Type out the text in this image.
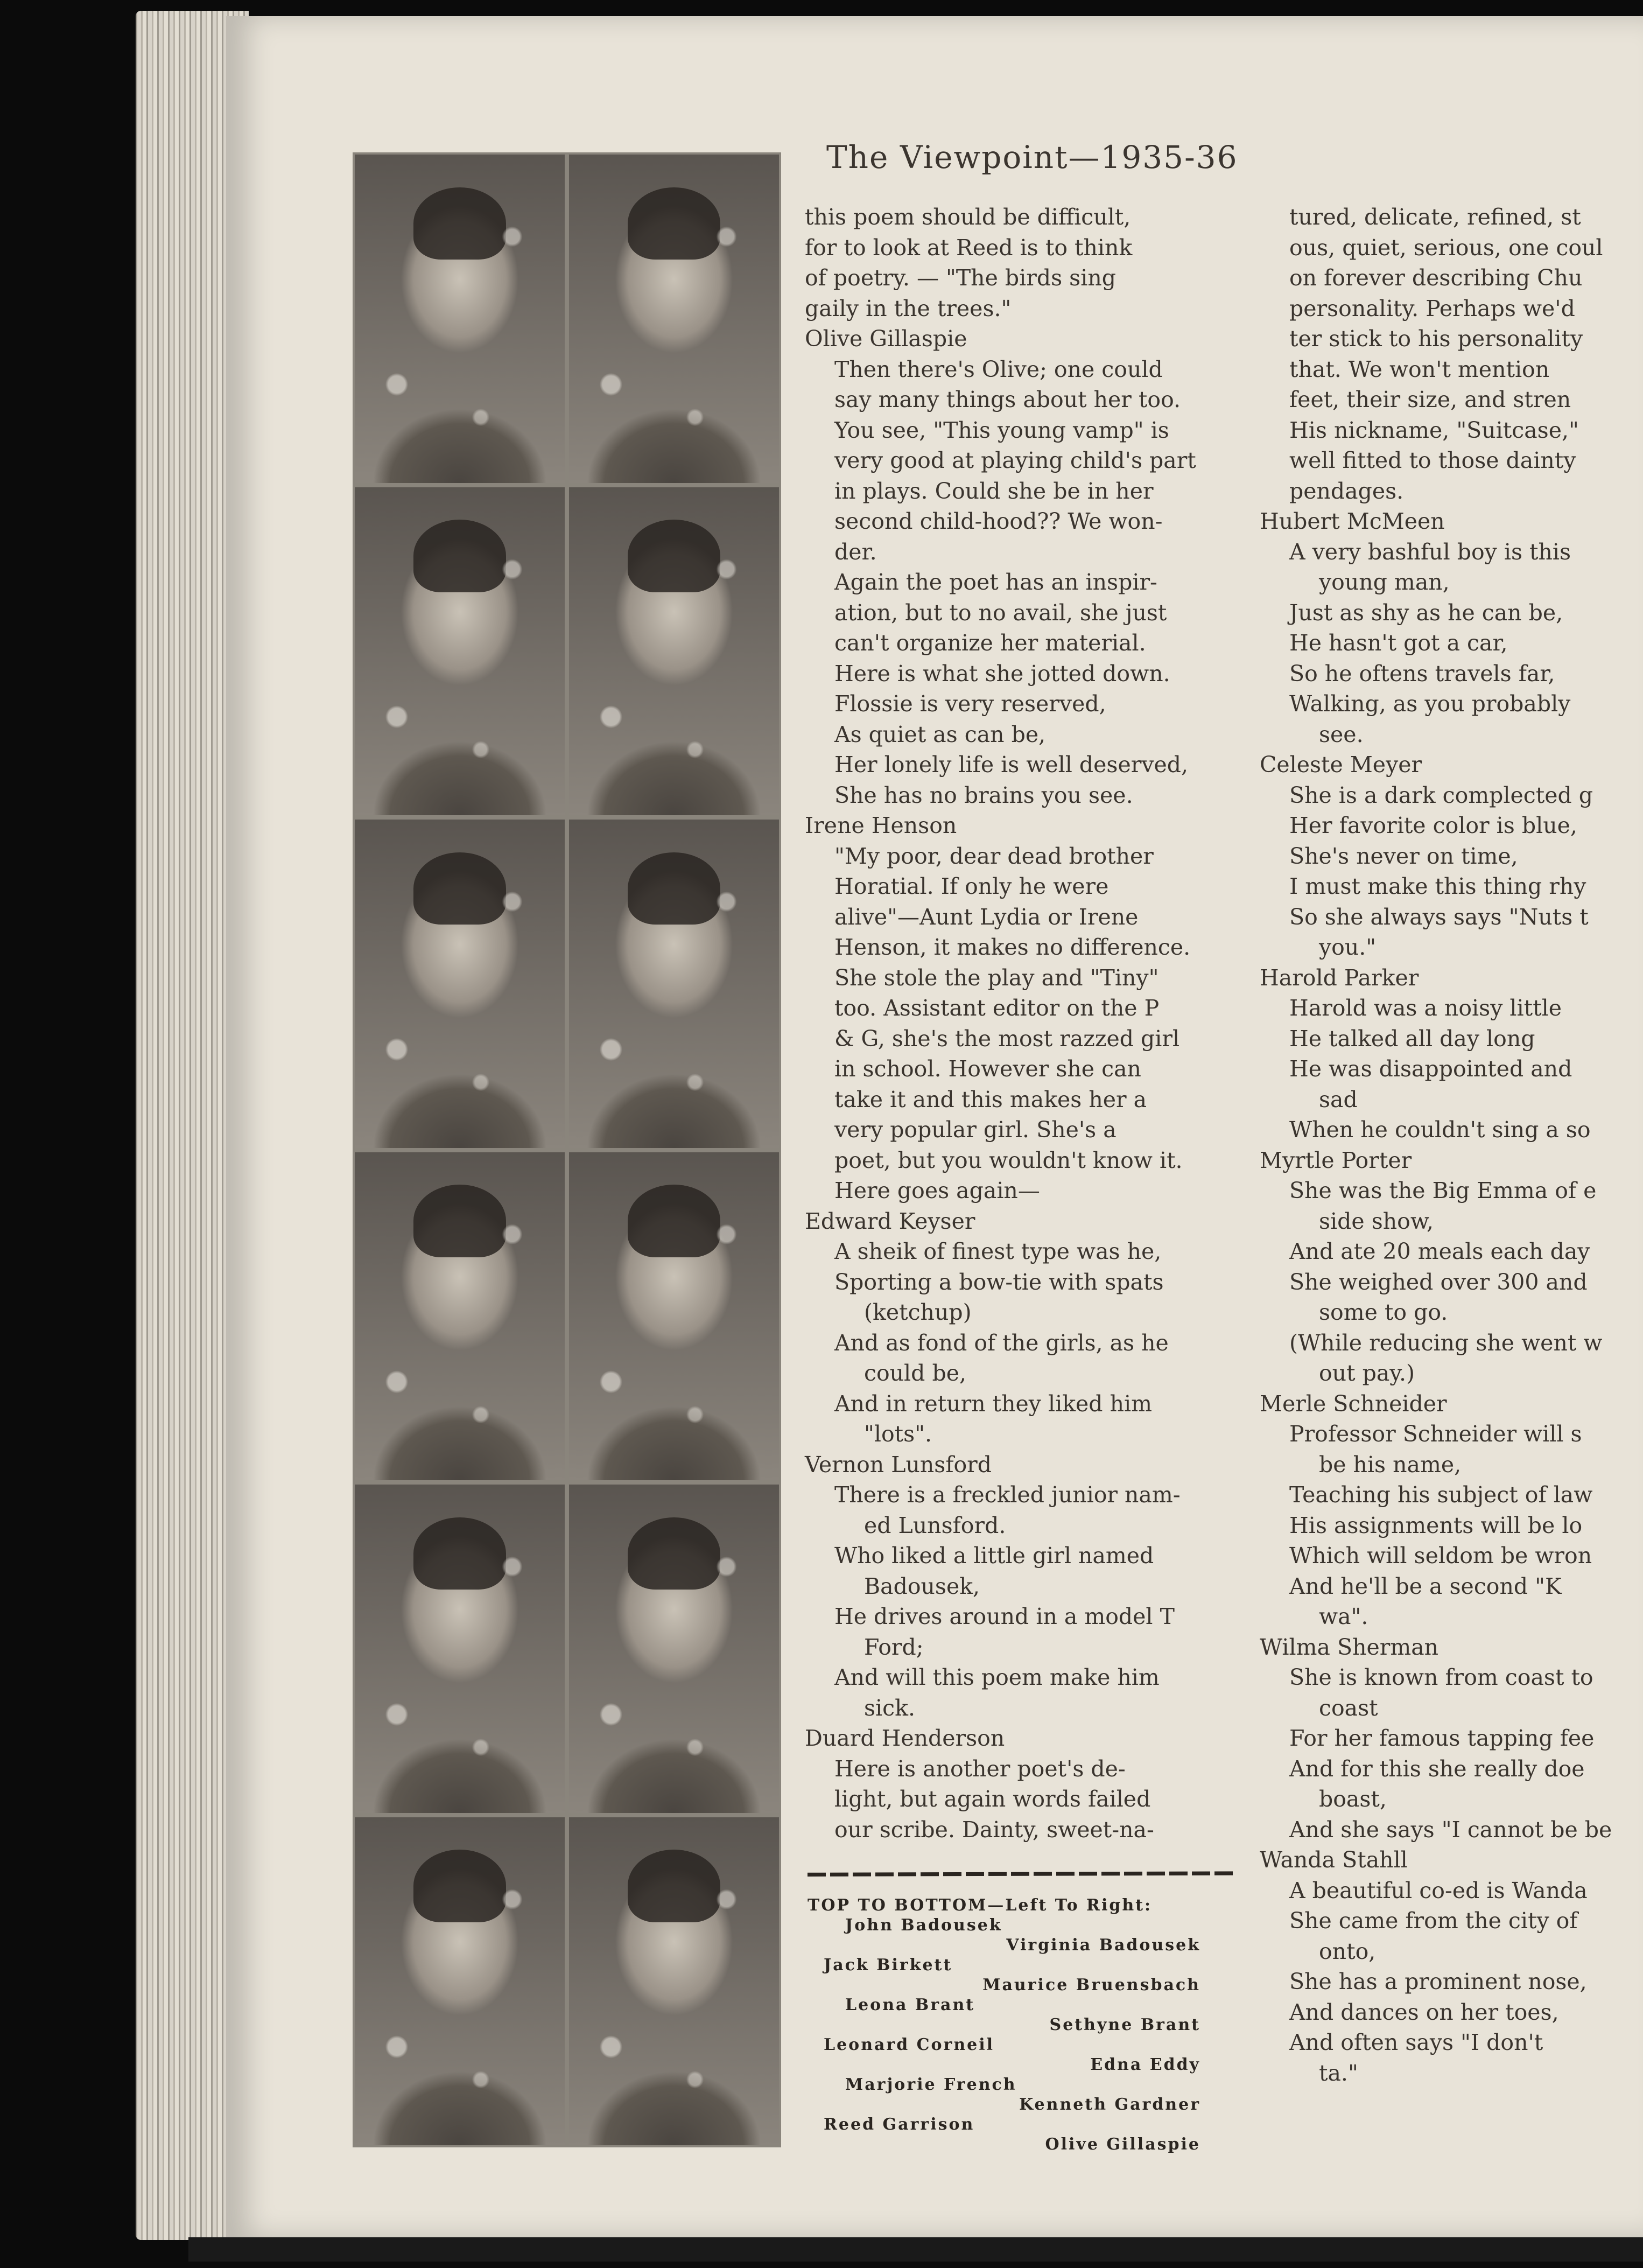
The Viewpoint—1935-36

this poem should be difficult,

for to look at Reed is to think

of poetry. — "The birds sing

gaily in the trees."

Olive Gillaspie

Then there's Olive; one could

say many things about her too.

You see, "This young vamp" is

very good at playing child's part

in plays. Could she be in her

second child-hood?? We won-

der.

Again the poet has an inspir-

ation, but to no avail, she just

can't organize her material.

Here is what she jotted down.

Flossie is very reserved,

As quiet as can be,

Her lonely life is well deserved,

She has no brains you see.

Irene Henson

"My poor, dear dead brother

Horatial. If only he were

alive"—Aunt Lydia or Irene

Henson, it makes no difference.

She stole the play and "Tiny"

too. Assistant editor on the P

& G, she's the most razzed girl

in school. However she can

take it and this makes her a

very popular girl. She's a

poet, but you wouldn't know it.

Here goes again—

Edward Keyser

A sheik of finest type was he,

Sporting a bow-tie with spats

(ketchup)

And as fond of the girls, as he

could be,

And in return they liked him

"lots".

Vernon Lunsford

There is a freckled junior nam-

ed Lunsford.

Who liked a little girl named

Badousek,

He drives around in a model T

Ford;

And will this poem make him

sick.

Duard Henderson

Here is another poet's de-

light, but again words failed

our scribe. Dainty, sweet-na-

tured, delicate, refined, st

ous, quiet, serious, one coul

on forever describing Chu

personality. Perhaps we'd

ter stick to his personality

that. We won't mention

feet, their size, and stren

His nickname, "Suitcase,"

well fitted to those dainty

pendages.

Hubert McMeen

A very bashful boy is this

young man,

Just as shy as he can be,

He hasn't got a car,

So he oftens travels far,

Walking, as you probably

see.

Celeste Meyer

She is a dark complected g

Her favorite color is blue,

She's never on time,

I must make this thing rhy

So she always says "Nuts t

you."

Harold Parker

Harold was a noisy little

He talked all day long

He was disappointed and

sad

When he couldn't sing a so

Myrtle Porter

She was the Big Emma of e

side show,

And ate 20 meals each day

She weighed over 300 and

some to go.

(While reducing she went w

out pay.)

Merle Schneider

Professor Schneider will s

be his name,

Teaching his subject of law

His assignments will be lo

Which will seldom be wron

And he'll be a second "K

wa".

Wilma Sherman

She is known from coast to

coast

For her famous tapping fee

And for this she really doe

boast,

And she says "I cannot be be

Wanda Stahll

A beautiful co-ed is Wanda

She came from the city of

onto,

She has a prominent nose,

And dances on her toes,

And often says "I don't

ta."

TOP TO BOTTOM—Left To Right:

John Badousek

Virginia Badousek

Jack Birkett

Maurice Bruensbach

Leona Brant

Sethyne Brant

Leonard Corneil

Edna Eddy

Marjorie French

Kenneth Gardner

Reed Garrison

Olive Gillaspie
